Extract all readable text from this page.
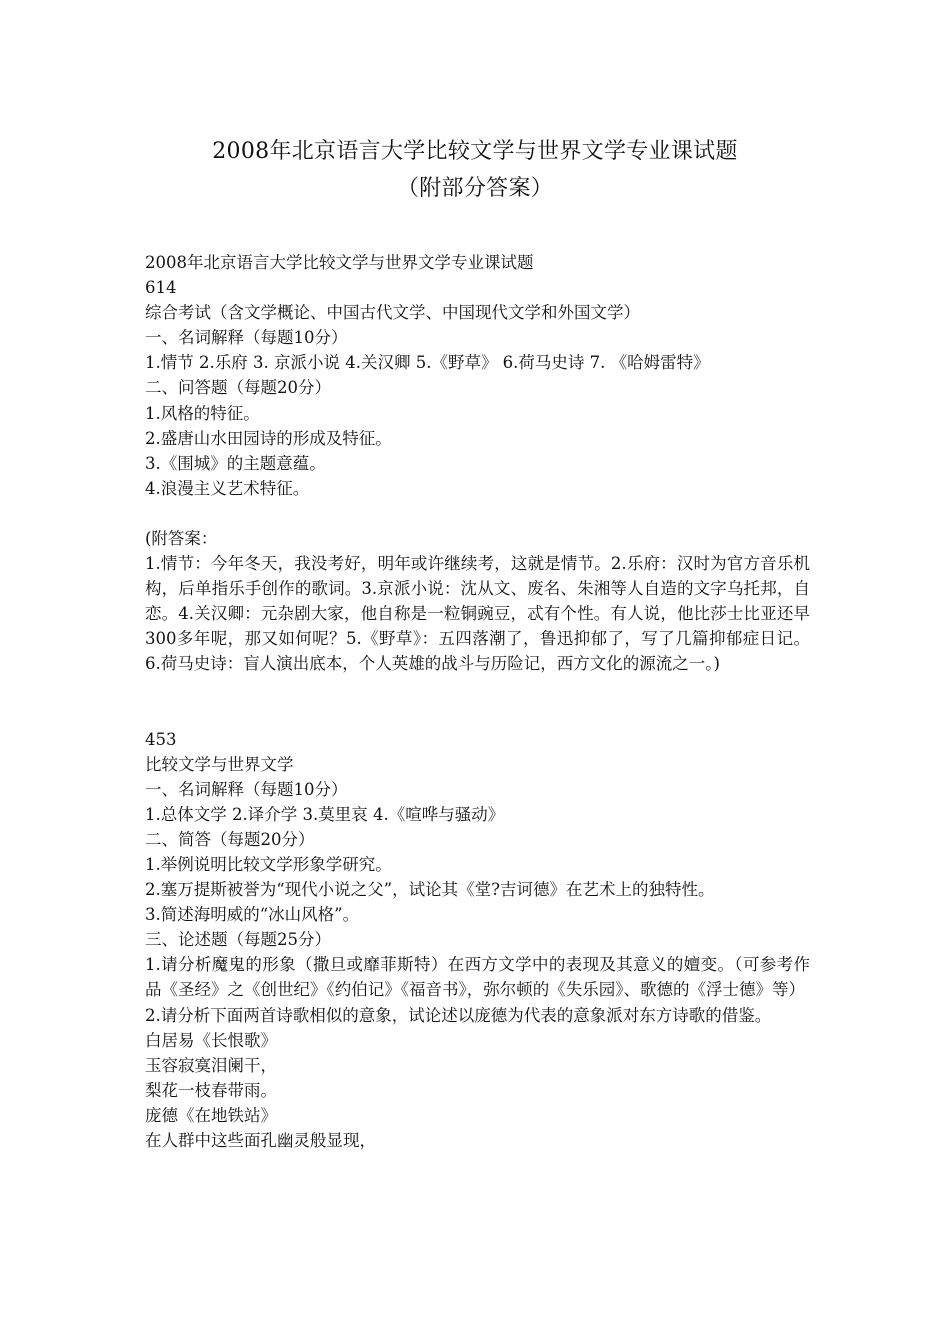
2008年北京语言大学比较文学与世界文学专业课试题
（附部分答案）
2008年北京语言大学比较文学与世界文学专业课试题
614
综合考试（含文学概论、中国古代文学、中国现代文学和外国文学）
一、名词解释（每题10分）
1.情节 2.乐府 3. 京派小说 4.关汉卿 5.《野草》 6.荷马史诗 7. 《哈姆雷特》
二、问答题（每题20分）
1.风格的特征。
2.盛唐山水田园诗的形成及特征。
3.《围城》的主题意蕴。
4.浪漫主义艺术特征。
(附答案：
1.情节：今年冬天，我没考好，明年或许继续考，这就是情节。2.乐府：汉时为官方音乐机构，后单指乐手创作的歌词。3.京派小说：沈从文、废名、朱湘等人自造的文字乌托邦，自恋。4.关汉卿：元杂剧大家，他自称是一粒铜豌豆，忒有个性。有人说，他比莎士比亚还早300多年呢，那又如何呢？5.《野草》：五四落潮了，鲁迅抑郁了，写了几篇抑郁症日记。6.荷马史诗：盲人演出底本，个人英雄的战斗与历险记，西方文化的源流之一。)
453
比较文学与世界文学
一、名词解释（每题10分）
1.总体文学 2.译介学 3.莫里哀 4.《喧哗与骚动》
二、简答（每题20分）
1.举例说明比较文学形象学研究。
2.塞万提斯被誉为“现代小说之父”，试论其《堂?吉诃德》在艺术上的独特性。
3.简述海明威的“冰山风格”。
三、论述题（每题25分）
1.请分析魔鬼的形象（撒旦或靡菲斯特）在西方文学中的表现及其意义的嬗变。（可参考作品《圣经》之《创世纪》《约伯记》《福音书》，弥尔顿的《失乐园》、歌德的《浮士德》等）
2.请分析下面两首诗歌相似的意象，试论述以庞德为代表的意象派对东方诗歌的借鉴。
白居易《长恨歌》
玉容寂寞泪阑干，
梨花一枝春带雨。
庞德《在地铁站》
在人群中这些面孔幽灵般显现，
